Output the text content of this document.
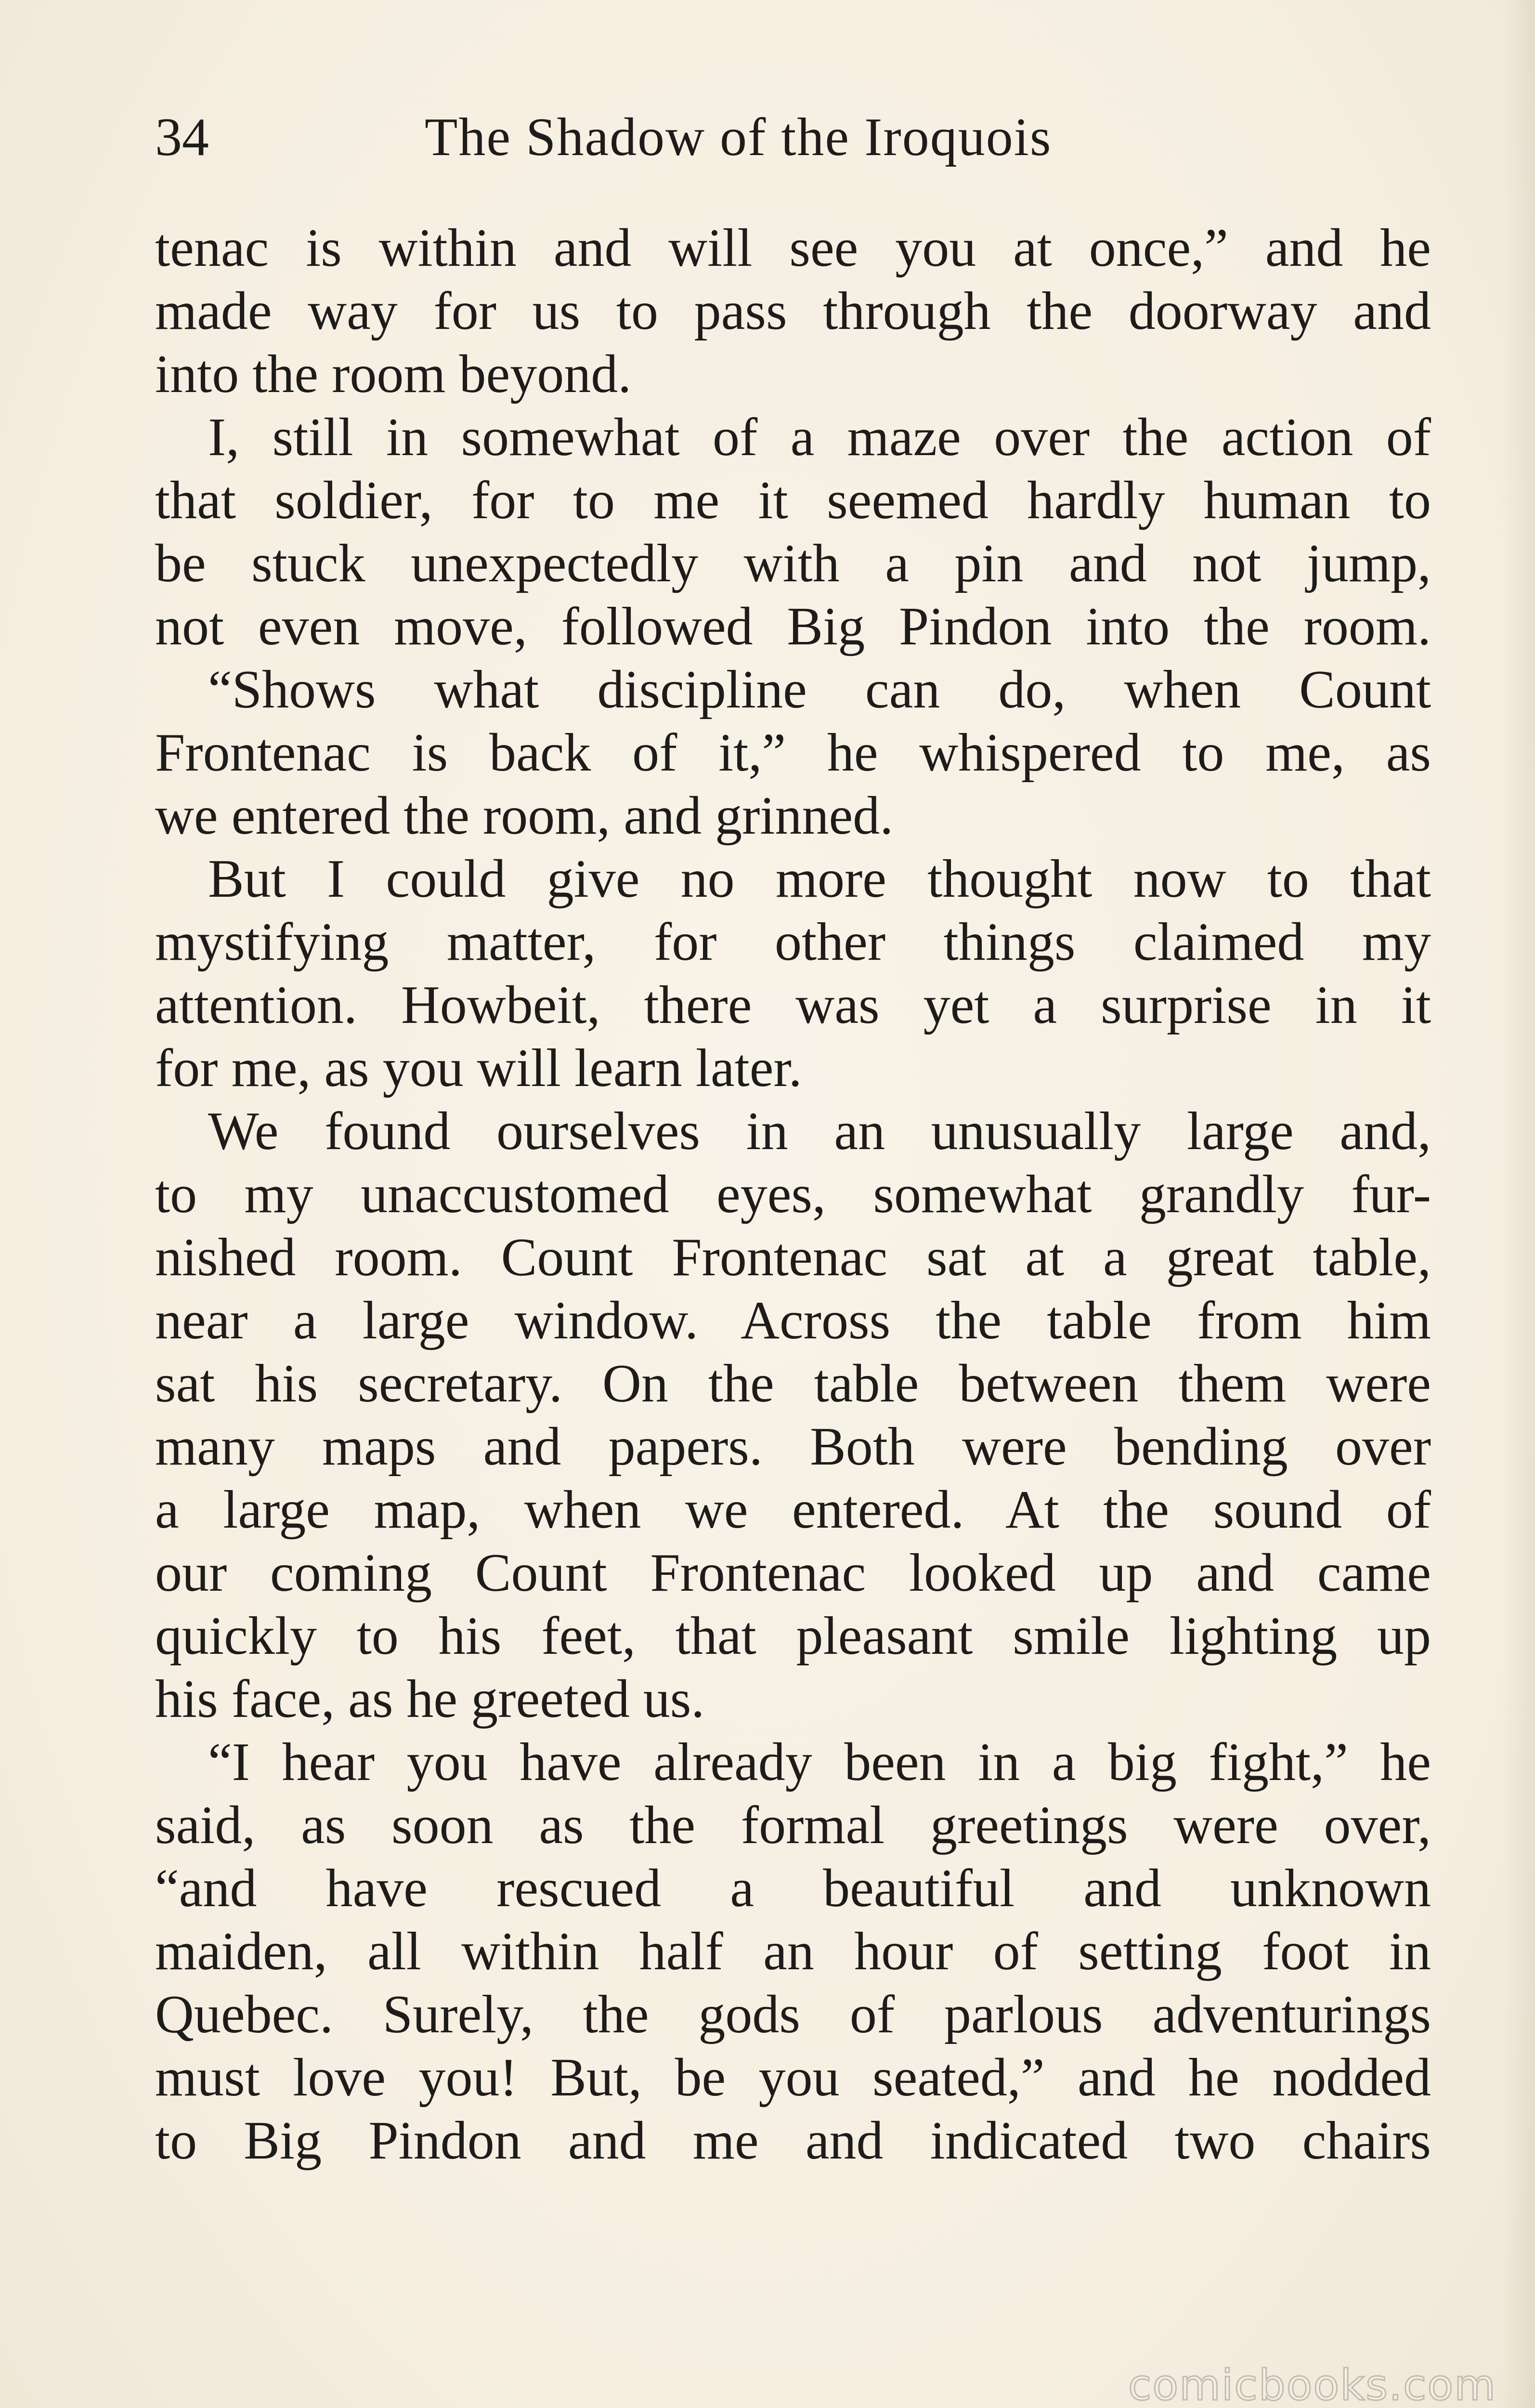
34	The Shadow of the Iroquois
tenac is within and will see you at once,” and he
made way for us to pass through the doorway and
into the room beyond.
I, still in somewhat of a maze over the action of
that soldier, for to me it seemed hardly human to
be stuck unexpectedly with a pin and not jump,
not even move, followed Big Pindon into the room.
“Shows what discipline can do, when Count
Frontenac is back of it,” he whispered to me, as
we entered the room, and grinned.
But I could give no more thought now to that
mystifying matter, for other things claimed my
attention. Howbeit, there was yet a surprise in it
for me, as you will learn later.
We found ourselves in an unusually large and,
to my unaccustomed eyes, somewhat grandly fur-
nished room. Count Frontenac sat at a great table,
near a large window. Across the table from him
sat his secretary. On the table between them were
many maps and papers. Both were bending over
a large map, when we entered. At the sound of
our coming Count Frontenac looked up and came
quickly to his feet, that pleasant smile lighting up
his face, as he greeted us.
“I hear you have already been in a big fight,” he
said, as soon as the formal greetings were over,
“and have rescued a beautiful and unknown
maiden, all within half an hour of setting foot in
Quebec. Surely, the gods of parlous adventurings
must love you! But, be you seated,” and he nodded
to Big Pindon and me and indicated two chairs
comicbooks.com
